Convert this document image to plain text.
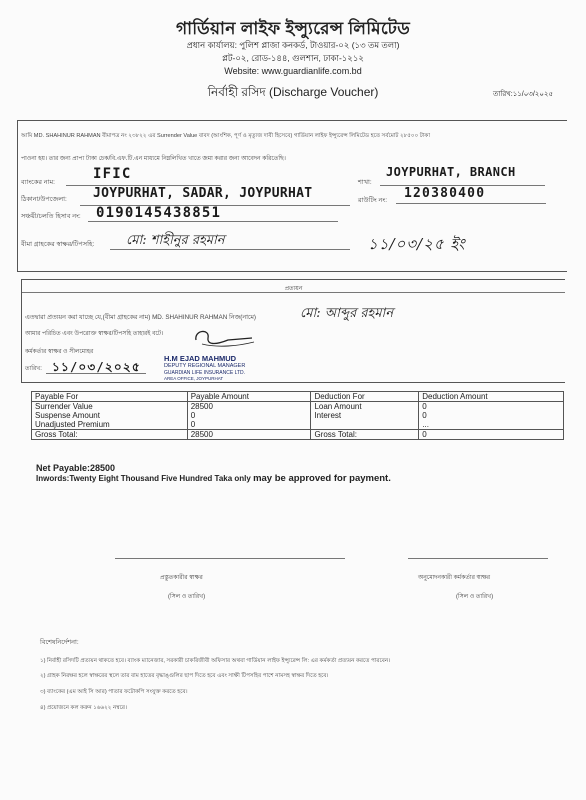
গার্ডিয়ান লাইফ ইন্স্যুরেন্স লিমিটেড
প্রধান কার্যালয়: পুলিশ প্লাজা কনকর্ড, টাওয়ার-০২ (১৩ তম তলা)
প্লট-০২, রোড-১৪৪, গুলশান, ঢাকা-১২১২
Website: www.guardianlife.com.bd
নির্বাহী রসিদ (Discharge Voucher)	তারিখ:১১/০৩/২০২৫
আমি MD. SHAHINUR RAHMAN বীমাপত্র নং ২৩৮২২ এর Surrender Value বাবদ (আংশিক, পূর্ণ ও মৃত্যুজ দাবী হিসেবে) গার্ডিয়ান লাইফ ইন্স্যুরেন্স লিমিটেড হতে সর্বমোট ২৮৫০০ টাকা
পাওনা হয়। তার জন্য প্রাপ্য টাকা চেক/বি.এফ.টি.এন মাধ্যমে নিম্নলিখিত খাতে জমা করার জন্য আবেদন করিতেছি।
ব্যাংকের নাম:
IFIC
শাখা:
JOYPURHAT, BRANCH
ঠিকানা/উপজেলা: JOYPURHAT, SADAR, JOYPURHAT	রাউটিং নং: 120380400
সঞ্চয়ী/চলতি হিসাব নং: 0190145438851
বীমা গ্রাহকের স্বাক্ষর/টিপসহি: মো: শাহীনুর রহমান	১১/০৩/২৫ ইং
প্রত্যয়ন
এতদ্বারা প্রত্যয়ন করা যাচ্ছে যে,(বীমা গ্রাহকের নাম) MD. SHAHINUR RAHMAN নিজ(নামে)	মো: আব্দুর রহমান
আমার পরিচিত এবং উপরোক্ত স্বাক্ষর/টিপসহি তাহারই বটে।
কর্মকর্তার স্বাক্ষর ও সীলমোহর
তারিখ: ১১/০৩/২০২৫
H.M EJAD MAHMUD
DEPUTY REGIONAL MANAGER
GUARDIAN LIFE INSURANCE LTD.
AREA OFFICE, JOYPURHAT
Payable For	Payable Amount	Deduction For	Deduction Amount
Surrender Value	28500	Loan Amount	0
Suspense Amount	0	Interest	0
Unadjusted Premium	0		...
Gross Total:	28500	Gross Total:	0
Net Payable:28500
Inwords:Twenty Eight Thousand Five Hundred Taka only may be approved for payment.
প্রস্তুতকারীর স্বাক্ষর
(সিল ও তারিখ)
অনুমোদনকারী কর্মকর্তার স্বাক্ষর
(সিল ও তারিখ)
বিশেষনির্দেশনা:
১) নির্বাহী রসিদটি প্রত্যয়ন থাকতে হবে। ব্যাংক ম্যানেজার, সরকারী চাকরিজীবী অফিসার অথবা গার্ডিয়ান লাইফ ইন্স্যুরেন্স লি: এর কর্মকর্তা প্রত্যয়ন করতে পারবেন।
২) গ্রাহক নিরক্ষর হলে স্বাক্ষরের স্থলে তার বাম হাতের বৃদ্ধাঙ্গুলির ছাপ দিতে হবে এবং সাক্ষী টিপসহির পাশে নামসহ স্বাক্ষর দিতে হবে।
৩) ব্যাংকের (এম আই সি আর) পাতার ফটোকপি সংযুক্ত করতে হবে।
৪) প্রয়োজনে কল করুন ১৬৬২২ নম্বরে।
